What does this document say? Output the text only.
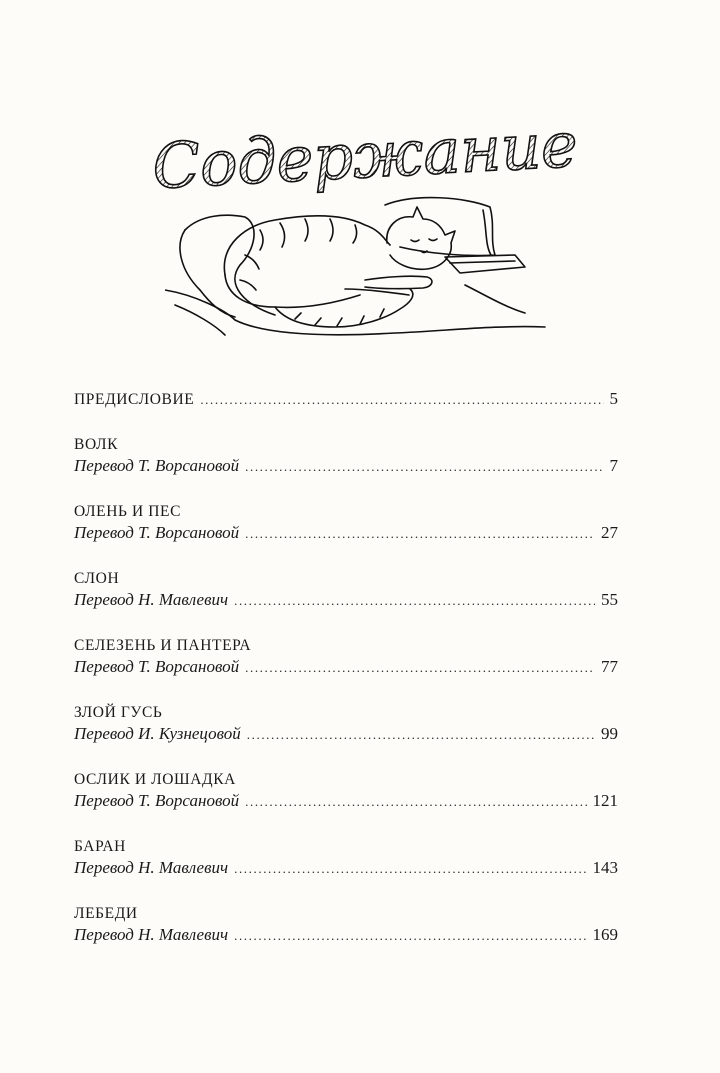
Содержание
ПРЕДИСЛОВИЕ .....	5
ВОЛК
Перевод Т. Ворсановой .....	7
ОЛЕНЬ И ПЕС
Перевод Т. Ворсановой .....	27
СЛОН
Перевод Н. Мавлевич .....	55
СЕЛЕЗЕНЬ И ПАНТЕРА
Перевод Т. Ворсановой .....	77
ЗЛОЙ ГУСЬ
Перевод И. Кузнецовой .....	99
ОСЛИК И ЛОШАДКА
Перевод Т. Ворсановой .....	121
БАРАН
Перевод Н. Мавлевич .....	143
ЛЕБЕДИ
Перевод Н. Мавлевич .....	169
